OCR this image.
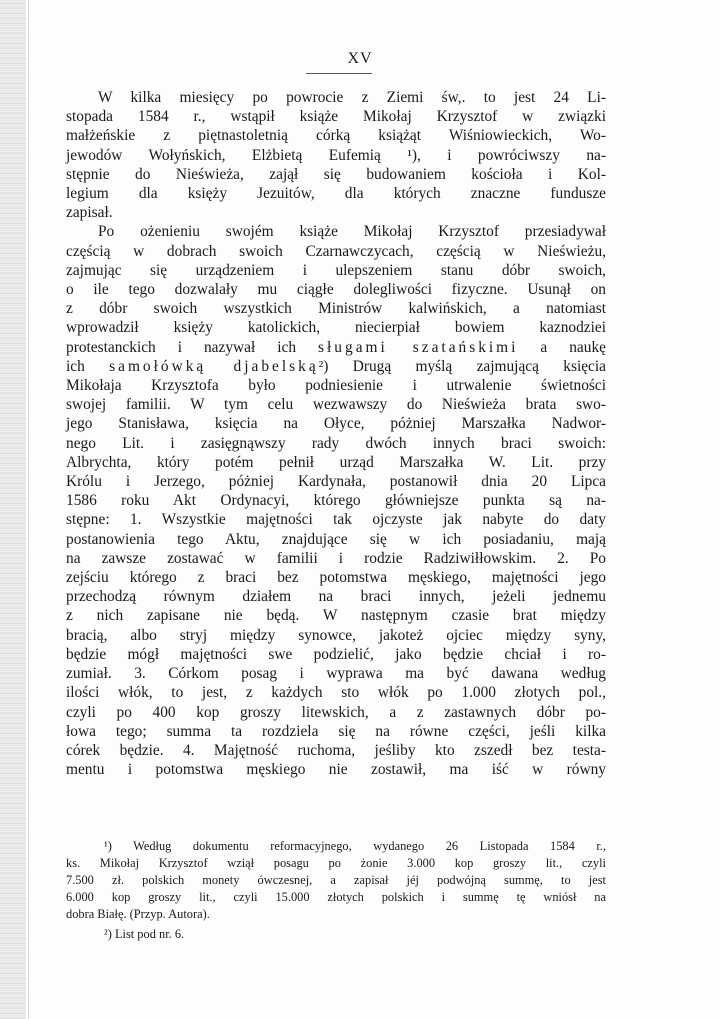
XV

W kilka miesięcy po powrocie z Ziemi św,. to jest 24 Li-
stopada 1584 r., wstąpił książe Mikołaj Krzysztof w związki
małżeńskie z piętnastoletnią córką książąt Wiśniowieckich, Wo-
jewodów Wołyńskich, Elżbietą Eufemią ¹), i powróciwszy na-
stępnie do Nieświeża, zajął się budowaniem kościoła i Kol-
legium dla księży Jezuitów, dla których znaczne fundusze
zapisał.

Po ożenieniu swojém książe Mikołaj Krzysztof przesiadywał
częścią w dobrach swoich Czarnawczycach, częścią w Nieświeżu,
zajmując się urządzeniem i ulepszeniem stanu dóbr swoich,
o ile tego dozwalały mu ciągłe dolegliwości fizyczne. Usunął on
z dóbr swoich wszystkich Ministrów kalwińskich, a natomiast
wprowadził księży katolickich, niecierpiał bowiem kaznodziei
protestanckich i nazywał ich sługami szatańskimi a naukę
ich samołówką djabelską²) Drugą myślą zajmującą księcia
Mikołaja Krzysztofa było podniesienie i utrwalenie świetności
swojej familii. W tym celu wezwawszy do Nieświeża brata swo-
jego Stanisława, księcia na Ołyce, póżniej Marszałka Nadwor-
nego Lit. i zasięgnąwszy rady dwóch innych braci swoich:
Albrychta, który potém pełnił urząd Marszałka W. Lit. przy
Królu i Jerzego, póżniej Kardynała, postanowił dnia 20 Lipca
1586 roku Akt Ordynacyi, którego główniejsze punkta są na-
stępne: 1. Wszystkie majętności tak ojczyste jak nabyte do daty
postanowienia tego Aktu, znajdujące się w ich posiadaniu, mają
na zawsze zostawać w familii i rodzie Radziwiłłowskim. 2. Po
zejściu którego z braci bez potomstwa męskiego, majętności jego
przechodzą równym działem na braci innych, jeżeli jednemu
z nich zapisane nie będą. W następnym czasie brat między
bracią, albo stryj między synowce, jakoteż ojciec między syny,
będzie mógł majętności swe podzielić, jako będzie chciał i ro-
zumiał. 3. Córkom posag i wyprawa ma być dawana według
ilości włók, to jest, z każdych sto włók po 1.000 złotych pol.,
czyli po 400 kop groszy litewskich, a z zastawnych dóbr po-
łowa tego; summa ta rozdziela się na równe części, jeśli kilka
córek będzie. 4. Majętność ruchoma, jeśliby kto zszedł bez testa-
mentu i potomstwa męskiego nie zostawił, ma iść w równy

¹) Według dokumentu reformacyjnego, wydanego 26 Listopada 1584 r.,
ks. Mikołaj Krzysztof wziął posagu po żonie 3.000 kop groszy lit., czyli
7.500 zł. polskich monety ówczesnej, a zapisał jéj podwójną summę, to jest
6.000 kop groszy lit., czyli 15.000 złotych polskich i summę tę wniósł na
dobra Białę. (Przyp. Autora).
²) List pod nr. 6.
